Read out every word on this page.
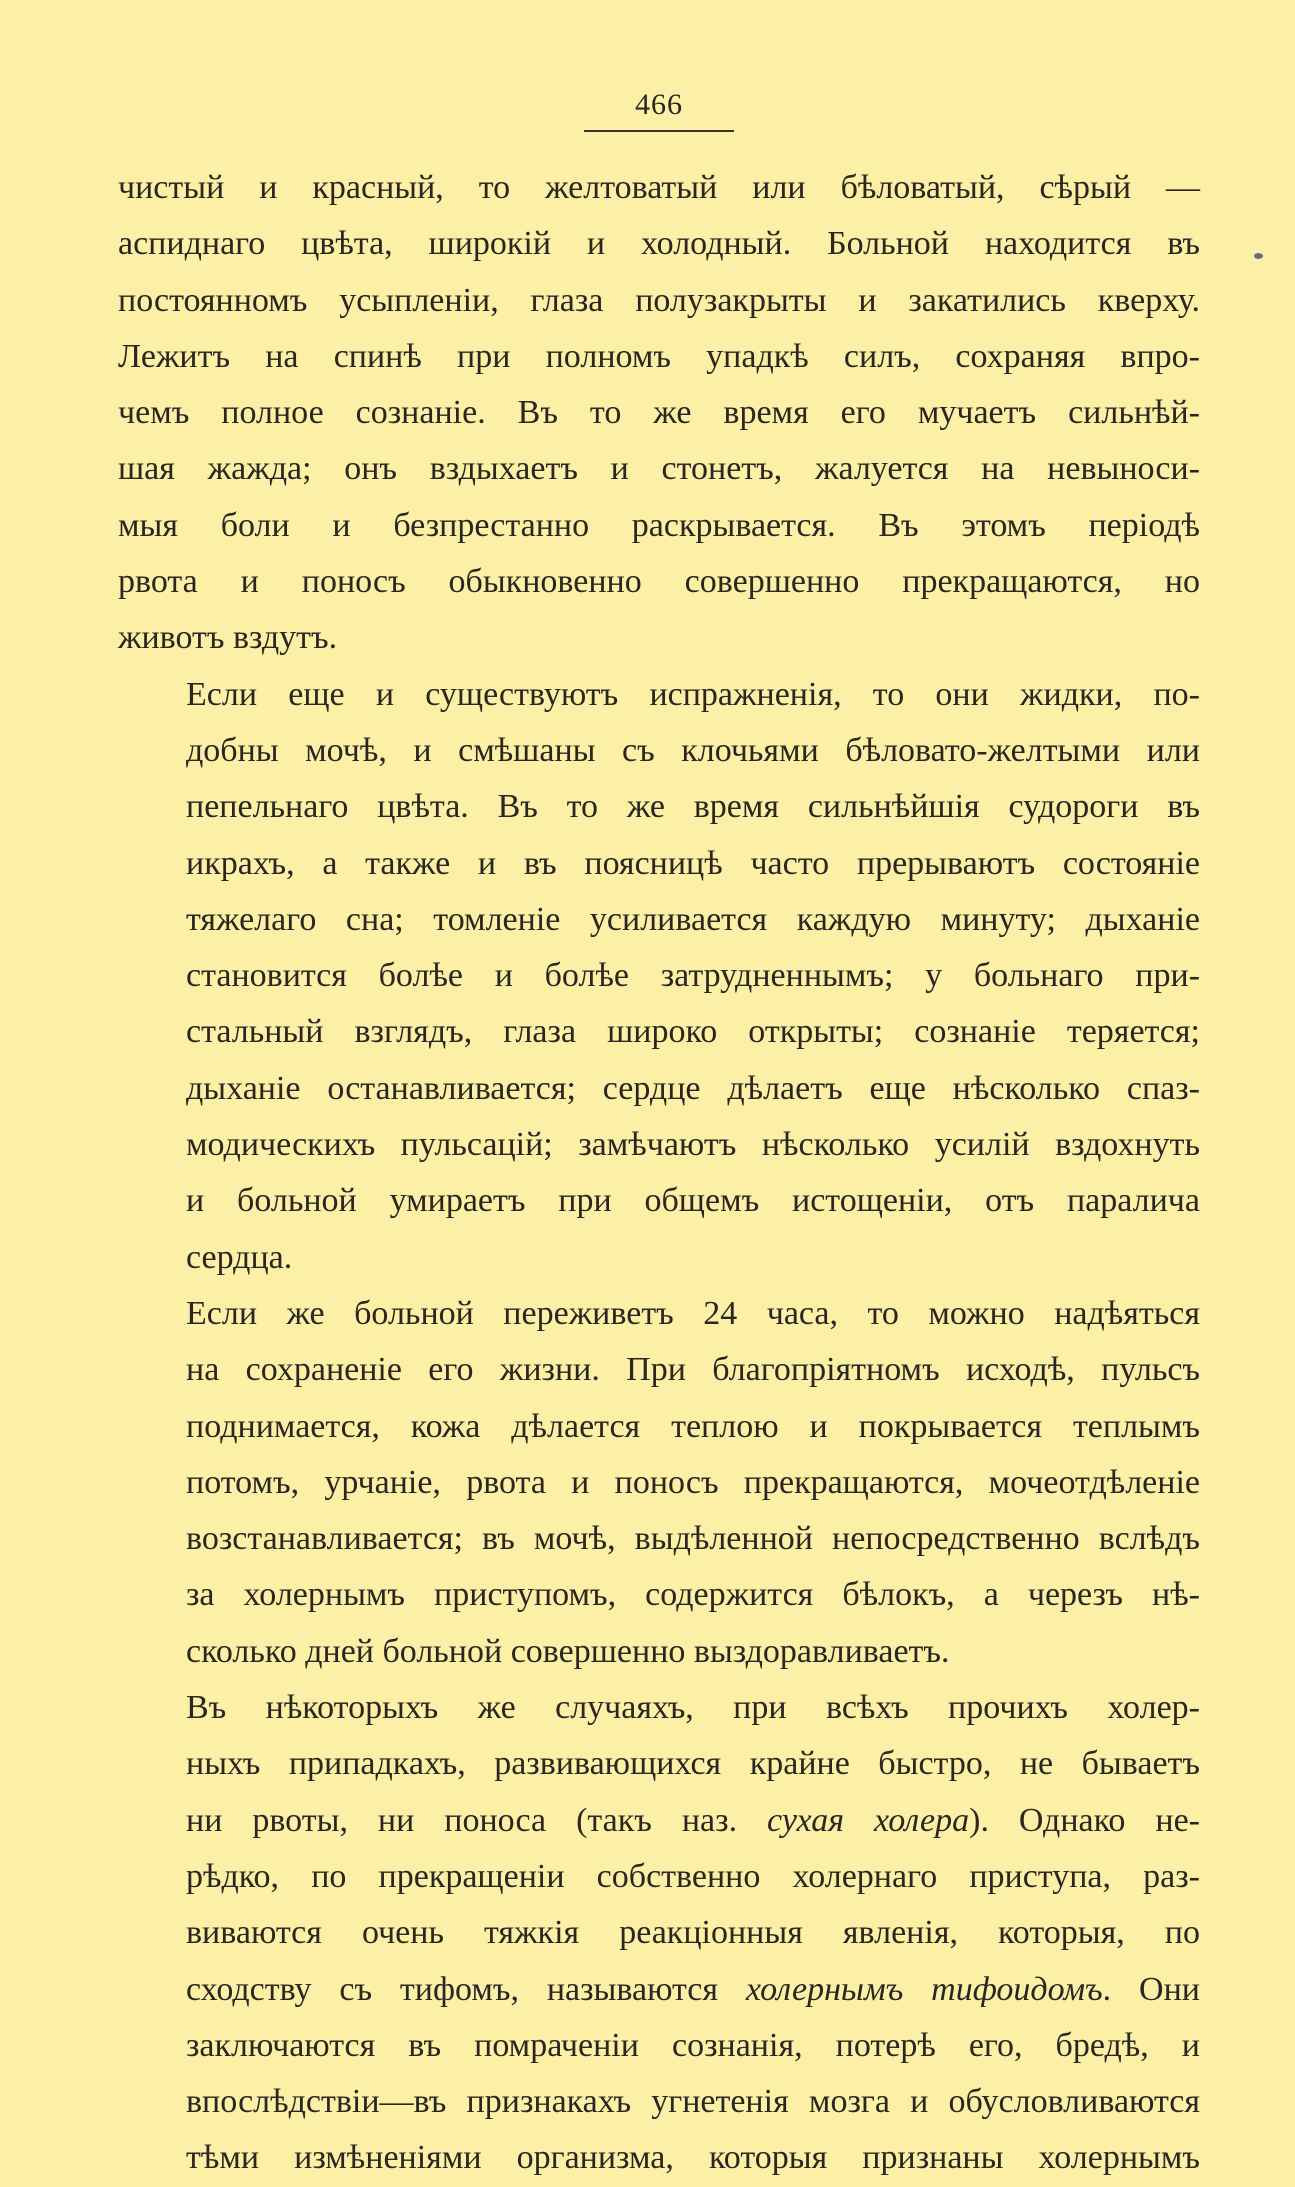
466

чистый и красный, то желтоватый или бѣловатый, сѣрый —
аспиднаго цвѣта, широкій и холодный. Больной находится въ
постоянномъ усыпленіи, глаза полузакрыты и закатились кверху.
Лежитъ на спинѣ при полномъ упадкѣ силъ, сохраняя впро-
чемъ полное сознаніе. Въ то же время его мучаетъ сильнѣй-
шая жажда; онъ вздыхаетъ и стонетъ, жалуется на невыноси-
мыя боли и безпрестанно раскрывается. Въ этомъ періодѣ
рвота и поносъ обыкновенно совершенно прекращаются, но
животъ вздутъ.

Если еще и существуютъ испражненія, то они жидки, по-
добны мочѣ, и смѣшаны съ клочьями бѣловато-желтыми или
пепельнаго цвѣта. Въ то же время сильнѣйшія судороги въ
икрахъ, а также и въ поясницѣ часто прерываютъ состояніе
тяжелаго сна; томленіе усиливается каждую минуту; дыханіе
становится болѣе и болѣе затрудненнымъ; у больнаго при-
стальный взглядъ, глаза широко открыты; сознаніе теряется;
дыханіе останавливается; сердце дѣлаетъ еще нѣсколько спаз-
модическихъ пульсацій; замѣчаютъ нѣсколько усилій вздохнуть
и больной умираетъ при общемъ истощеніи, отъ паралича
сердца.

Если же больной переживетъ 24 часа, то можно надѣяться
на сохраненіе его жизни. При благопріятномъ исходѣ, пульсъ
поднимается, кожа дѣлается теплою и покрывается теплымъ
потомъ, урчаніе, рвота и поносъ прекращаются, мочеотдѣленіе
возстанавливается; въ мочѣ, выдѣленной непосредственно вслѣдъ
за холернымъ приступомъ, содержится бѣлокъ, а черезъ нѣ-
сколько дней больной совершенно выздоравливаетъ.

Въ нѣкоторыхъ же случаяхъ, при всѣхъ прочихъ холер-
ныхъ припадкахъ, развивающихся крайне быстро, не бываетъ
ни рвоты, ни поноса (такъ наз. сухая холера). Однако не-
рѣдко, по прекращеніи собственно холернаго приступа, раз-
виваются очень тяжкія реакціонныя явленія, которыя, по
сходству съ тифомъ, называются холернымъ тифоидомъ. Они
заключаются въ помраченіи сознанія, потерѣ его, бредѣ, и
впослѣдствіи—въ признакахъ угнетенія мозга и обусловливаются
тѣми измѣненіями организма, которыя признаны холернымъ
